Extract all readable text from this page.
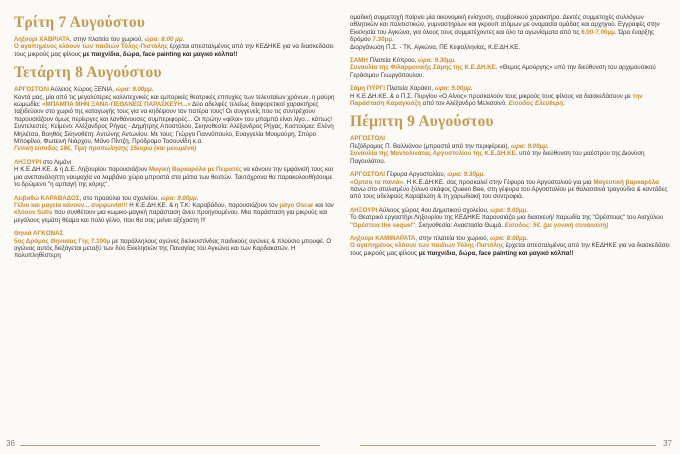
Τρίτη 7 Αυγούστου

Ληξούρι ΧΑΒΡΙΑΤΑ, στην πλατεία του χωριού, ώρα: 8:00 μμ.
Ο αγαπημένος κλόουν των παιδιών Τόλης-Πιστόλης έρχεται απεσταλμένος από την ΚΕΔΗΚΕ για να διασκεδάσει τους μικρούς μας φίλους με παιχνίδια, δώρα, face painting και μαγικό κόλπα!!

Τετάρτη 8 Αυγούστου

ΑΡΓΟΣΤΟΛΙ Αύλειος Χώρος ΞΕΝΙΑ, ώρα: 9.00μμ.
Κοντά μας, μία από τις μεγαλύτερες καλλιτεχνικές και εμπορικές θεατρικές επιτυχίες των τελευταίων χρόνων, η μαύρη κωμωδία: «ΜΠΑΜΠΑ ΜΗΝ ΞΑΝΑ-ΠΕΘΑΝΕΙΣ ΠΑΡΑΣΚΕΥΗ...» Δύο αδελφές τελείως διαφορετικοί χαρακτήρες ταξιδεύουν στο χωριό της καταγωγής τους για να κηδέψουν τον πατέρα τους! Οι συγγενείς που τις συντρέχουν παρουσιάζουν όμως περίεργες και λανθάνουσες συμπεριφορές... Οι πρώην «φίλοι» του μπαμπά είναι λίγο... κάπως! Συντελεστές: Κείμενο: Αλέξανδρος Ρήγας - Δημήτρης Αποστόλου, Σκηνοθεσία: Αλέξανδρος Ρήγας, Κοστούμια: Ελένη Μηλέτσα, Βοηθός Σκηνοθέτη: Αντώνης Αντωνίου. Με τους: Γιώργο Γιαννόπουλο, Ευαγγελία Μουμούρη, Σπύρο Μποφίλιο, Φωτεινή Νιάρχου, Μάνο Πίντζη, Πρόδρομο Τοσουνίδη κ.α.
Γενική είσοδος 18€, Τιμή προπώλησης 15ευρώ (και μειωμένα)

ΛΗΞΟΥΡΙ στο Λιμάνι
Η Κ.Ε.ΔΗ.ΚΕ. & η Δ.Ε. Ληξουρίου παρουσιάζουν Μαγική Βαρκαρόλα με Πειρατές να κάνουν την εμφάνισή τους και μια ανεπανάληπτη ναυμαχία να λαμβάνει χώρα μπροστά στα μάτια των θεατών. Ταυτόχρονα θα παρακολουθήσουμε το δρώμενο "η αρπαγή της κόρης".

Λειβαθώ ΚΑΡΑΒΑΔΟΣ, στο προαύλιο του σχολείου, ώρα: 9.00μμ.
Γέλιο και μαγεία κάνουν... συμφωνία!!! Η Κ.Ε.ΔΗ.ΚΕ. & η Τ.Κ. Καραβάδου, παρουσιάζουν τον μάγο Oscar και τον κλόουν Sutis που συνθέτουν μια κωμικο-μαγική παράσταση άνευ προηγουμένου. Μια παράσταση για μικρούς και μεγάλους γεμάτη θέαμα και πολύ γέλιο, που θα σας μείνει αξέχαστη !!!

Θηνιά ΑΓΚΩΝΑΣ
5ος Δρόμος Θηνιαίας Γης 7.100μ με παράλληλους αγώνες διελκυστίνδας παιδικούς αγώνες & πλούσιο μπουφέ. Ο αγώνας αυτός διεξάγεται μεταξύ των δύο Εκκλησιών της Παναγίας του Αγκώνα και των Καρδακατών. Η πολυπληθέστερη

36

ομαδική συμμετοχή παίρνει μία οικονομική ενίσχυση, συμβολικού χαρακτήρα. Δεκτές συμμετοχές συλλόγων αθλητικών και πολιτιστικών, γυμναστηρίων και γκρουπ ατόμων με ονομασία ομάδας και αρχηγού. Εγγραφές στην Εκκλησία του Αγκώνα, για όλους τους συμμετέχοντες και όλο τα αγωνίσματα από τις 6.00-7.00μμ. Ώρα έναρξης δρόμου 7.30μμ.
Διοργάνωση Π.Σ. - ΤΚ. Αγκώνα, ΠΕ Κεφαλληνίας, Κ.Ε.ΔΗ.ΚΕ.

ΣΑΜΗ Πλατεία Κύπρου, ώρα: 9.30μμ.
Συναυλία της Φιλαρμονικής Σάμης της Κ.Ε.ΔΗ.ΚΕ. «Θεμος Αμούργης» υπό την διεύθυνση του αρχιμουσικού Γεράσιμου Γεωργόπουλου.

Σάμη ΠΥΡΓΙ Πλατεία Χαράκτι, ώρα: 9.00μμ.
Η Κ.Ε.ΔΗ.ΚΕ. & ο Π.Σ. Πυργίου «Ο Αίνος» προσκαλούν τους μικρούς τους φίλους να διασκεδάσουν με την Παράσταση Καραγκιόζη από τον Αλέξανδρο Μελισσινό. Είσοδος Ελεύθερη.

Πέμπτη 9 Αυγούστου

ΑΡΓΟΣΤΟΛΙ
Πεζόδρομος Π. Βαλλιάνου (μπροστά από την περιφέρεια), ώρα: 9.00μμ.
Συναυλία της Μαντολινάτας Αργοστολίου της Κ.Ε.ΔΗ.ΚΕ. υπό την διεύθυνση του μαέστρου της Διονύση Παγουλάτου.

ΑΡΓΟΣΤΟΛΙ Γέφυρα Αργοστολίου, ώρα: 9.30μμ.
«Ορτσα τα πανιά». Η Κ.Ε.ΔΗ.ΚΕ. σας προσκαλεί στην Γέφυρα του Αργοστολιού για μια Μαγευτική βαρκαρόλα πάνω στο στολισμένο ξύλινο σκάφος Queen Bee, στη γέφυρα του Αργοστολίου με θαλασσινά τραγούδια & καντάδες από τους αδελφούς Καραβιώτη & τη χορωδιακή του συντροφιά.

ΛΗΞΟΥΡΙ Αύλειος χώρος 4ου Δημοτικού σχολείου, ώρα: 9.00μμ.
Το Θεατρικό εργαστήρι Ληξουρίου της ΚΕΔΗΚΕ παρουσιάζει μια διασκευή/ παρωδία της "Ορέστειας" του Αισχύλου "Ορέστεια the sequel". Σκηνοθεσία: Αναστασία Θωμά. Είσοδος: 5€. (με γονική συναινέση)

Ληξούρι ΚΑΜΙΝΑΡΑΤΑ, στην πλατεία του χωριού, ώρα: 8:00μμ.
Ο αγαπημένος κλόουν των παιδιών Τόλης-Πιστόλης έρχεται απεσταλμένος από την ΚΕΔΗΚΕ για να διασκεδάσει τους μικρούς μας φίλους με παιχνίδια, δώρα, face painting και μαγικό κόλπα!!

37
